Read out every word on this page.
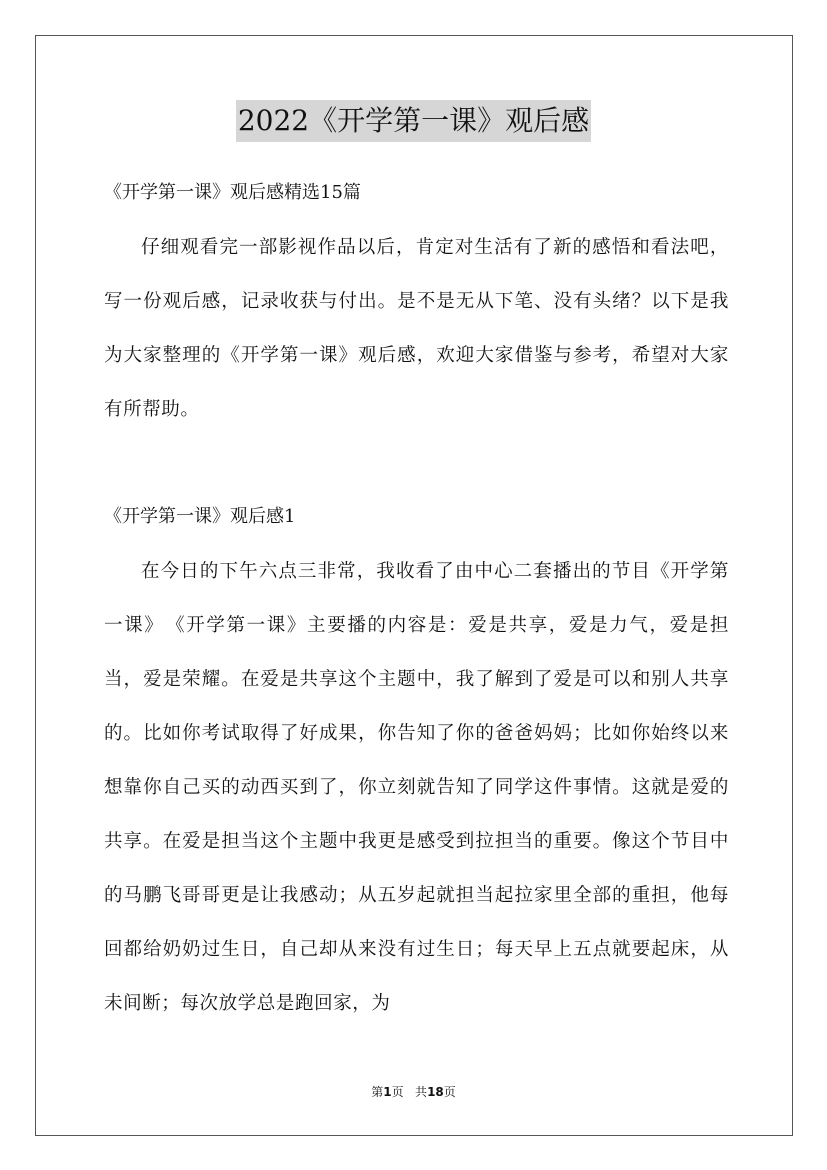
2022《开学第一课》观后感
《开学第一课》观后感精选15篇

仔细观看完一部影视作品以后，肯定对生活有了新的感悟和看法吧，写一份观后感，记录收获与付出。是不是无从下笔、没有头绪？以下是我为大家整理的《开学第一课》观后感，欢迎大家借鉴与参考，希望对大家有所帮助。

《开学第一课》观后感1

在今日的下午六点三非常，我收看了由中心二套播出的节目《开学第一课》　《开学第一课》主要播的内容是：爱是共享，爱是力气，爱是担当，爱是荣耀。在爱是共享这个主题中，我了解到了爱是可以和别人共享的。比如你考试取得了好成果，你告知了你的爸爸妈妈；比如你始终以来想靠你自己买的动西买到了，你立刻就告知了同学这件事情。这就是爱的共享。在爱是担当这个主题中我更是感受到拉担当的重要。像这个节目中的马鹏飞哥哥更是让我感动；从五岁起就担当起拉家里全部的重担，他每回都给奶奶过生日，自己却从来没有过生日；每天早上五点就要起床，从未间断；每次放学总是跑回家，为

第1页 共18页
